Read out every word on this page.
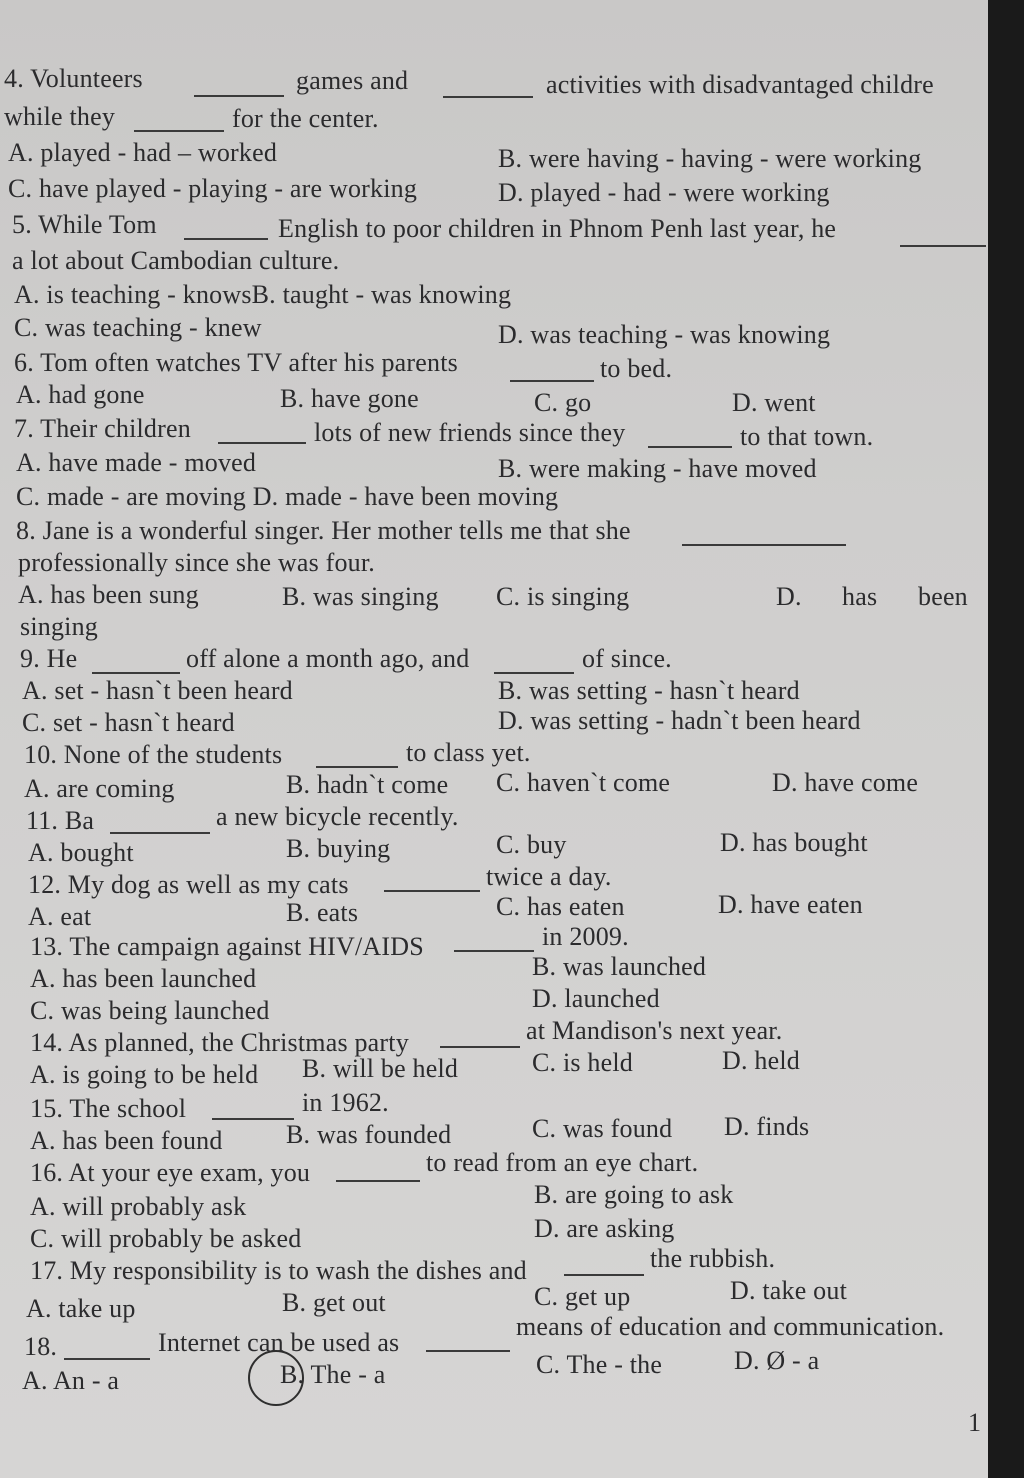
4. Volunteers	games and	activities with disadvantaged childre
while they	for the center.
A. played - had – worked	B. were having - having - were working
C. have played - playing - are working	D. played - had - were working
5. While Tom	English to poor children in Phnom Penh last year, he
a lot about Cambodian culture.
A. is teaching - knowsB. taught - was knowing
C. was teaching - knew	D. was teaching - was knowing
6. Tom often watches TV after his parents	to bed.
A. had gone	B. have gone	C. go	D. went
7. Their children	lots of new friends since they	to that town.
A. have made - moved	B. were making - have moved
C. made - are moving D. made - have been moving
8. Jane is a wonderful singer. Her mother tells me that she
professionally since she was four.
A. has been sung	B. was singing C. is singing	D. has been
singing
9. He	off alone a month ago, and	of since.
A. set - hasn`t been heard	B. was setting - hasn`t heard
C. set - hasn`t heard	D. was setting - hadn`t been heard
10. None of the students	to class yet.
A. are coming	B. hadn`t come C. haven`t come	D. have come
11. Ba	a new bicycle recently.
A. bought	B. buying	C. buy	D. has bought
12. My dog as well as my cats	twice a day.
A. eat	B. eats	C. has eaten	D. have eaten
13. The campaign against HIV/AIDS	in 2009.
A. has been launched	B. was launched
C. was being launched	D. launched
14. As planned, the Christmas party	at Mandison's next year.
A. is going to be held B. will be held	C. is held	D. held
15. The school	in 1962.
A. has been found B. was founded	C. was found D. finds
16. At your eye exam, you	to read from an eye chart.
A. will probably ask	B. are going to ask
C. will probably be asked	D. are asking
17. My responsibility is to wash the dishes and	the rubbish.
A. take up	B. get out	C. get up	D. take out
18.	Internet can be used as
means of education and communication.
A. An - a	B. The - a	C. The - the	D. Ø - a
1
